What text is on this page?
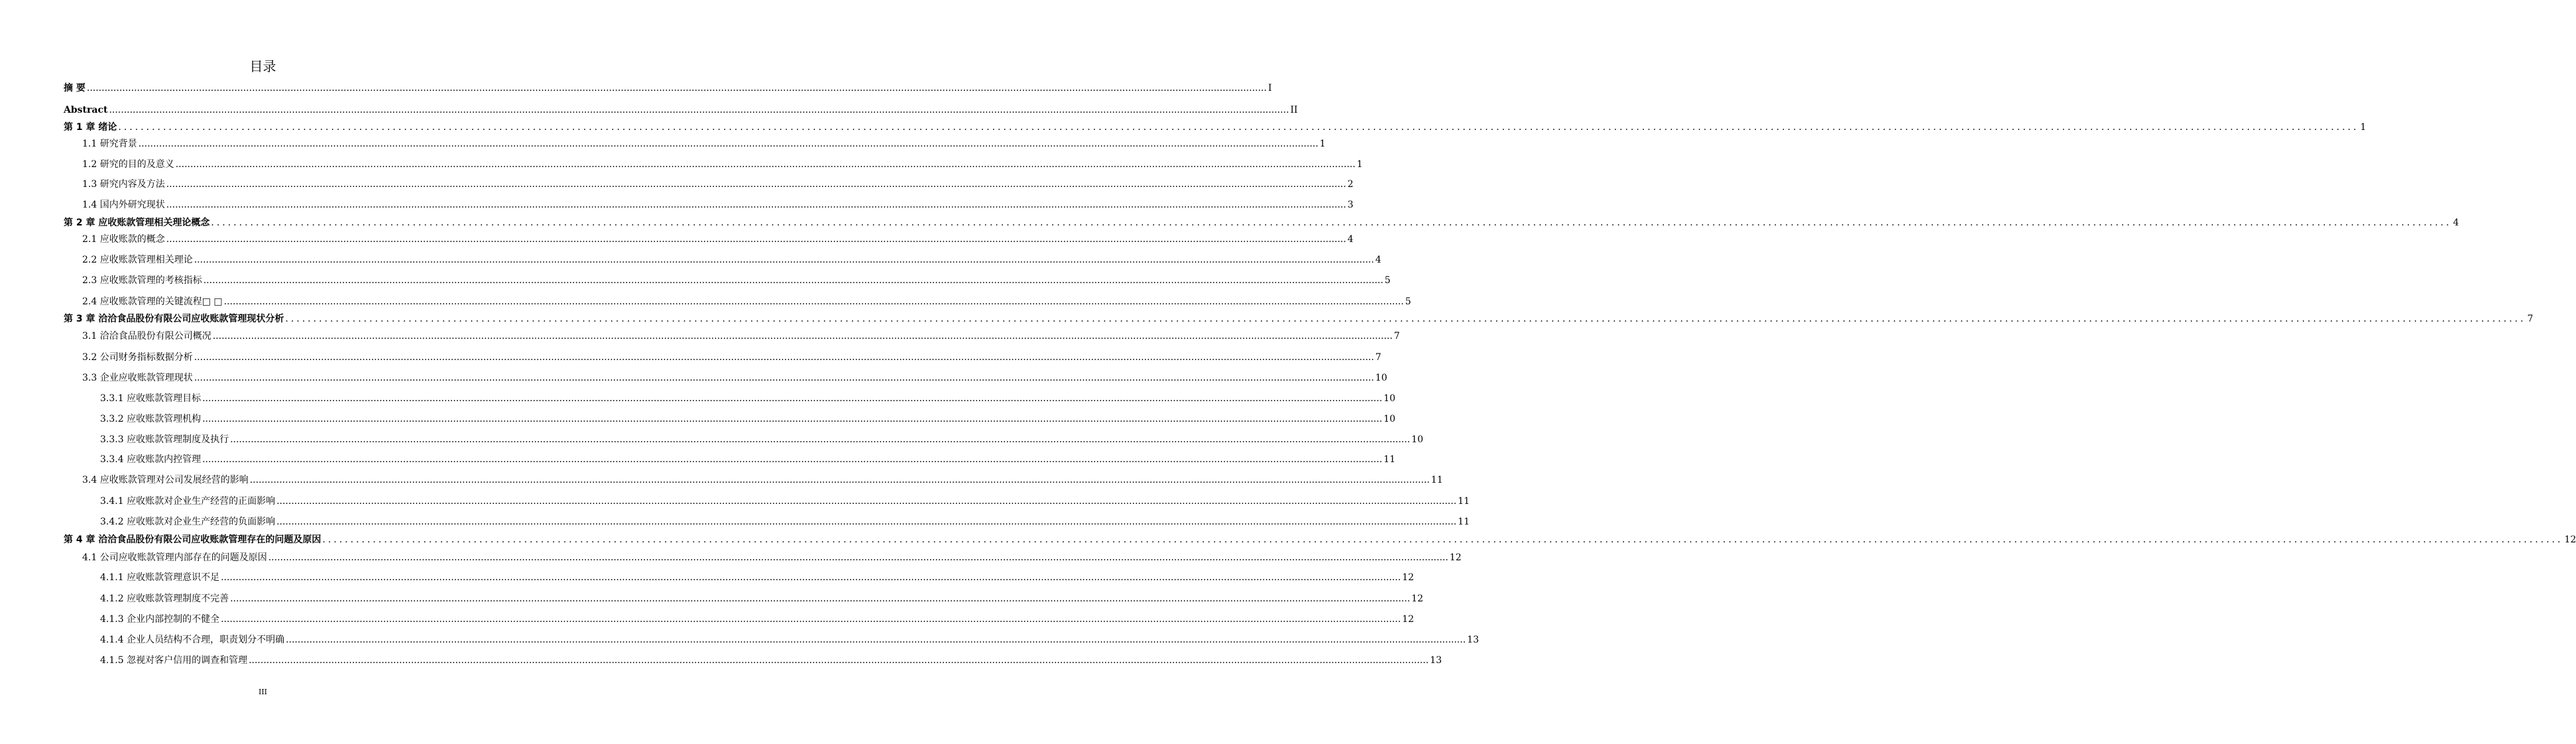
目录
摘 要 ................................................................................................................................................................................................................................................................................................................................................................................................................ I
Abstract ................................................................................................................................................................................................................................................................................................................................................................................................................ II
第 1 章 绪论 ................................................................................................................................................................................................................................................................................................................................................................................................................ 1
1.1 研究背景 ................................................................................................................................................................................................................................................................................................................................................................................................................ 1
1.2 研究的目的及意义 ................................................................................................................................................................................................................................................................................................................................................................................................................ 1
1.3 研究内容及方法 ................................................................................................................................................................................................................................................................................................................................................................................................................ 2
1.4 国内外研究现状 ................................................................................................................................................................................................................................................................................................................................................................................................................ 3
第 2 章 应收账款管理相关理论概念 ................................................................................................................................................................................................................................................................................................................................................................................................................ 4
2.1 应收账款的概念 ................................................................................................................................................................................................................................................................................................................................................................................................................ 4
2.2 应收账款管理相关理论 ................................................................................................................................................................................................................................................................................................................................................................................................................ 4
2.3 应收账款管理的考核指标 ................................................................................................................................................................................................................................................................................................................................................................................................................ 5
2.4 应收账款管理的关键流程□ □ ................................................................................................................................................................................................................................................................................................................................................................................................................ 5
第 3 章 洽洽食品股份有限公司应收账款管理现状分析 ................................................................................................................................................................................................................................................................................................................................................................................................................ 7
3.1 洽洽食品股份有限公司概况 ................................................................................................................................................................................................................................................................................................................................................................................................................ 7
3.2 公司财务指标数据分析 ................................................................................................................................................................................................................................................................................................................................................................................................................ 7
3.3 企业应收账款管理现状 ................................................................................................................................................................................................................................................................................................................................................................................................................ 10
3.3.1 应收账款管理目标 ................................................................................................................................................................................................................................................................................................................................................................................................................ 10
3.3.2 应收账款管理机构 ................................................................................................................................................................................................................................................................................................................................................................................................................ 10
3.3.3 应收账款管理制度及执行 ................................................................................................................................................................................................................................................................................................................................................................................................................ 10
3.3.4 应收账款内控管理 ................................................................................................................................................................................................................................................................................................................................................................................................................ 11
3.4 应收账款管理对公司发展经营的影响 ................................................................................................................................................................................................................................................................................................................................................................................................................ 11
3.4.1 应收账款对企业生产经营的正面影响 ................................................................................................................................................................................................................................................................................................................................................................................................................ 11
3.4.2 应收账款对企业生产经营的负面影响 ................................................................................................................................................................................................................................................................................................................................................................................................................ 11
第 4 章 洽洽食品股份有限公司应收账款管理存在的问题及原因 ................................................................................................................................................................................................................................................................................................................................................................................................................ 12
4.1 公司应收账款管理内部存在的问题及原因 ................................................................................................................................................................................................................................................................................................................................................................................................................ 12
4.1.1 应收账款管理意识不足 ................................................................................................................................................................................................................................................................................................................................................................................................................ 12
4.1.2 应收账款管理制度不完善 ................................................................................................................................................................................................................................................................................................................................................................................................................ 12
4.1.3 企业内部控制的不健全 ................................................................................................................................................................................................................................................................................................................................................................................................................ 12
4.1.4 企业人员结构不合理，职责划分不明确 ................................................................................................................................................................................................................................................................................................................................................................................................................ 13
4.1.5 忽视对客户信用的调查和管理 ................................................................................................................................................................................................................................................................................................................................................................................................................ 13
III
